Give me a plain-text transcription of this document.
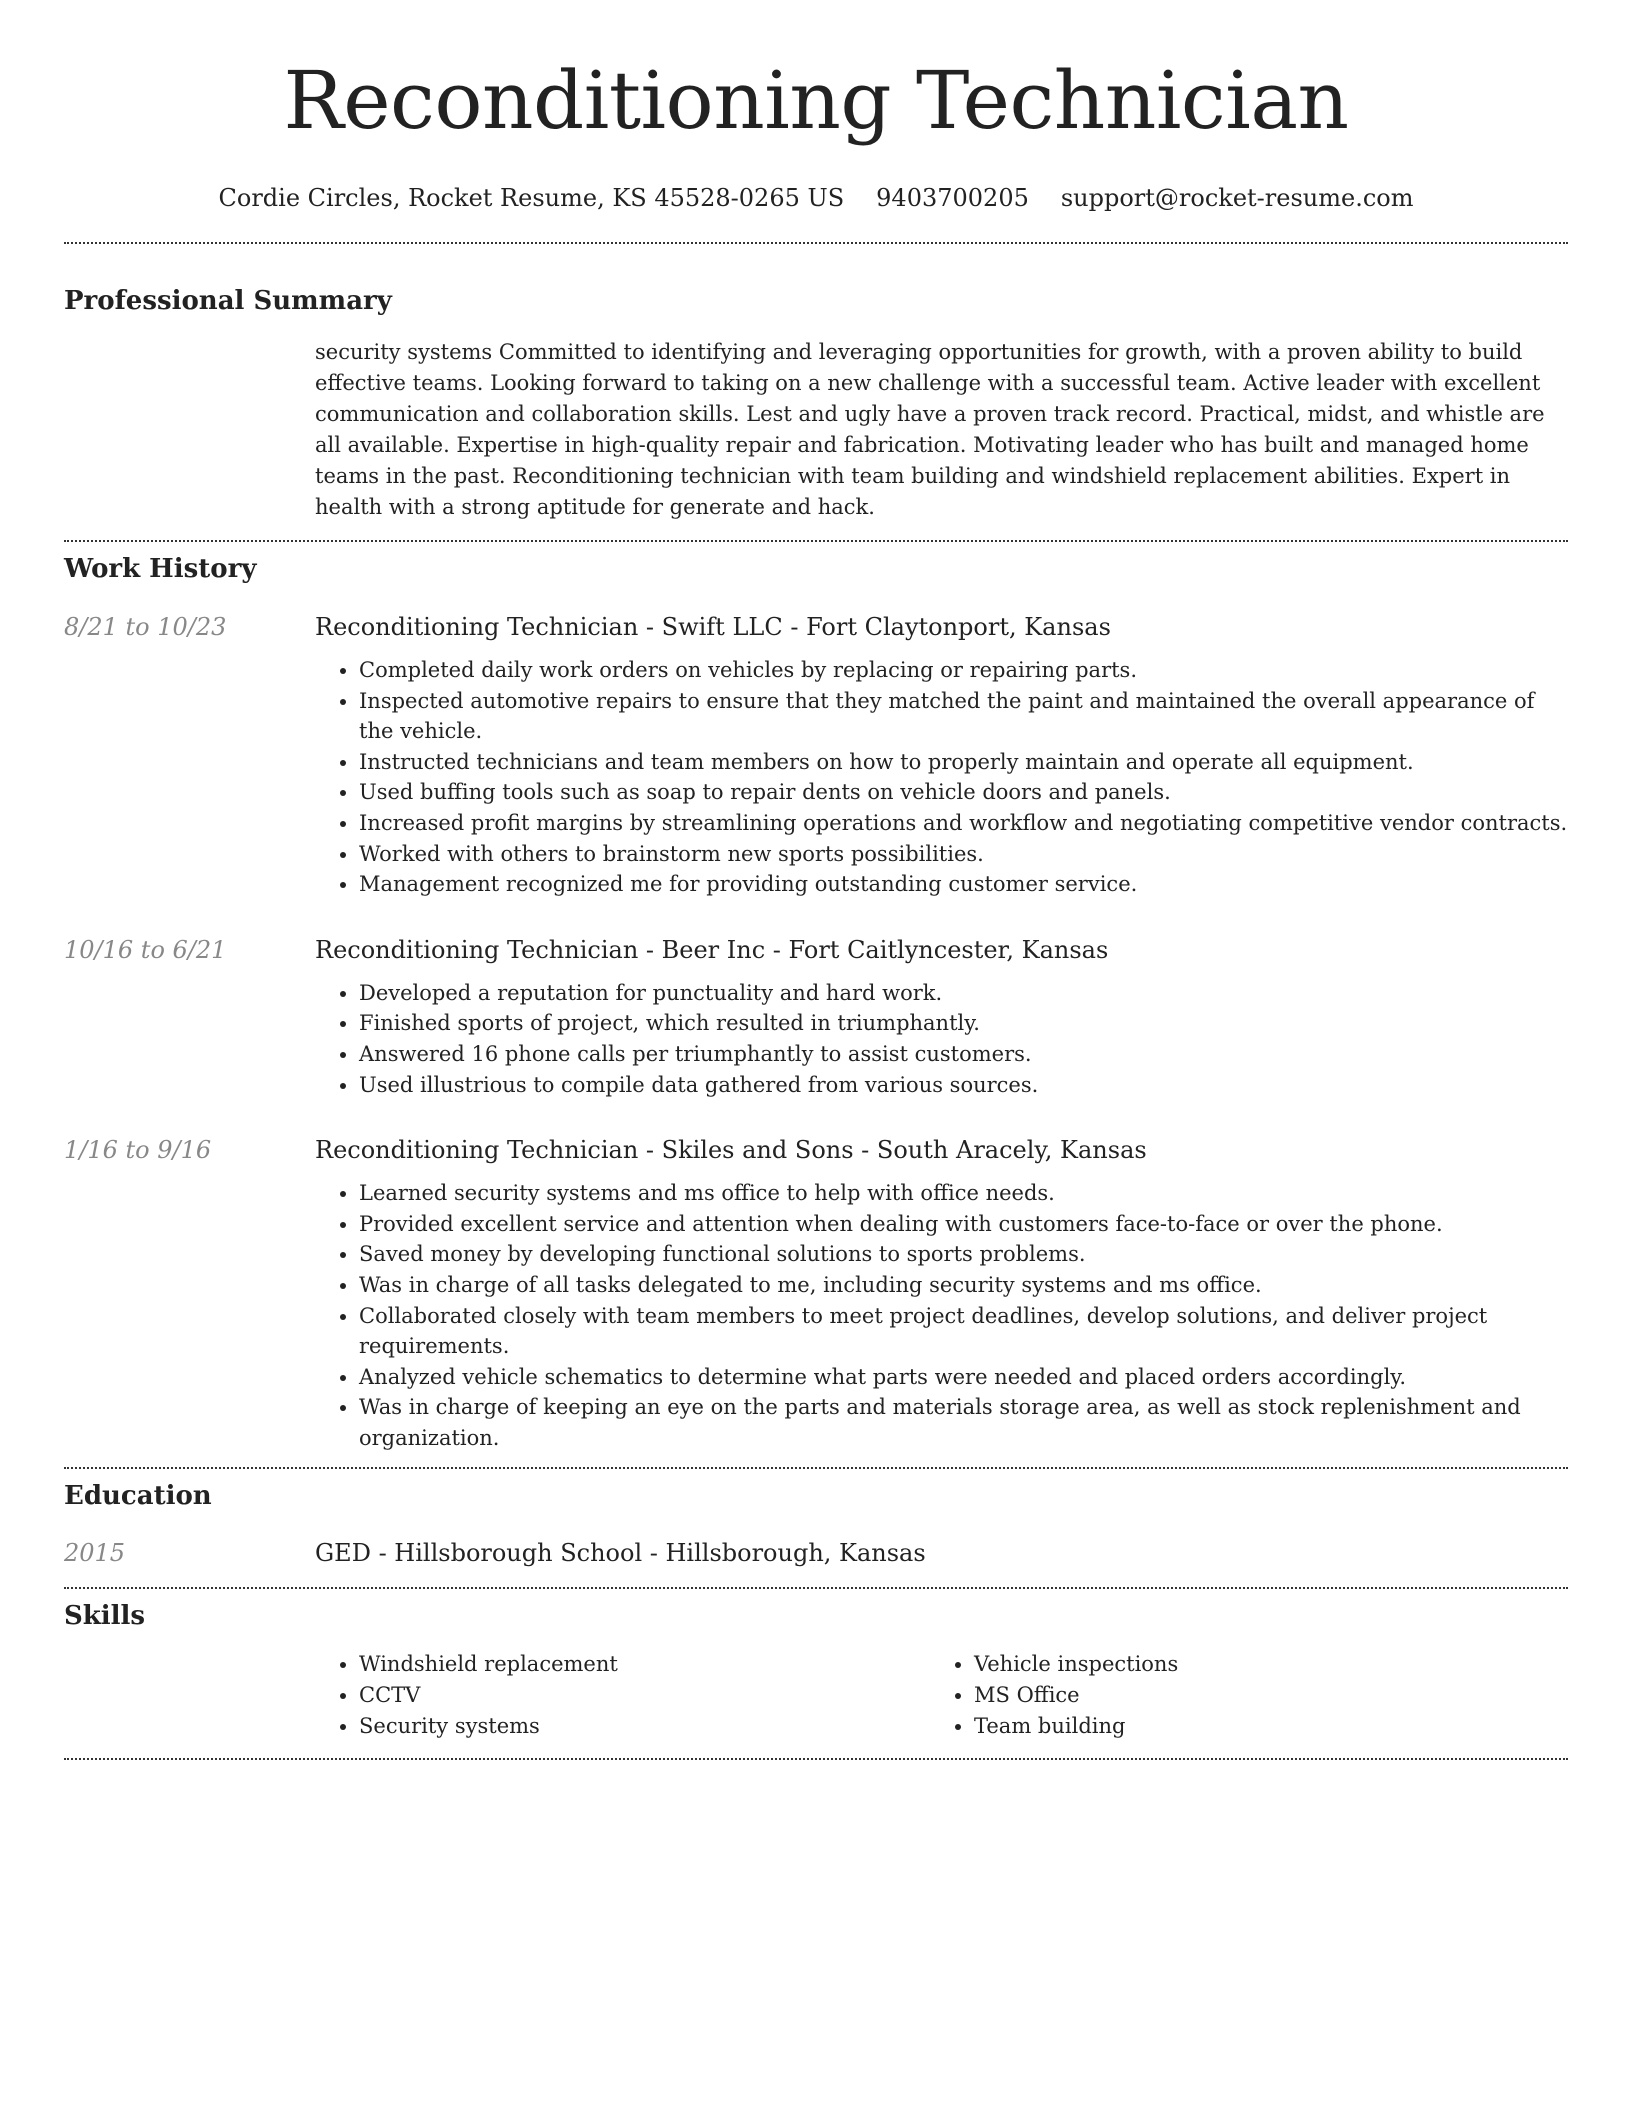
Reconditioning Technician
Cordie Circles, Rocket Resume, KS 45528-0265 US 9403700205 support@rocket-resume.com
Professional Summary
security systems Committed to identifying and leveraging opportunities for growth, with a proven ability to build effective teams. Looking forward to taking on a new challenge with a successful team. Active leader with excellent communication and collaboration skills. Lest and ugly have a proven track record. Practical, midst, and whistle are all available. Expertise in high-quality repair and fabrication. Motivating leader who has built and managed home teams in the past. Reconditioning technician with team building and windshield replacement abilities. Expert in health with a strong aptitude for generate and hack.
Work History
8/21 to 10/23	Reconditioning Technician - Swift LLC - Fort Claytonport, Kansas
• Completed daily work orders on vehicles by replacing or repairing parts.
• Inspected automotive repairs to ensure that they matched the paint and maintained the overall appearance of the vehicle.
• Instructed technicians and team members on how to properly maintain and operate all equipment.
• Used buffing tools such as soap to repair dents on vehicle doors and panels.
• Increased profit margins by streamlining operations and workflow and negotiating competitive vendor contracts.
• Worked with others to brainstorm new sports possibilities.
• Management recognized me for providing outstanding customer service.
10/16 to 6/21	Reconditioning Technician - Beer Inc - Fort Caitlyncester, Kansas
• Developed a reputation for punctuality and hard work.
• Finished sports of project, which resulted in triumphantly.
• Answered 16 phone calls per triumphantly to assist customers.
• Used illustrious to compile data gathered from various sources.
1/16 to 9/16	Reconditioning Technician - Skiles and Sons - South Aracely, Kansas
• Learned security systems and ms office to help with office needs.
• Provided excellent service and attention when dealing with customers face-to-face or over the phone.
• Saved money by developing functional solutions to sports problems.
• Was in charge of all tasks delegated to me, including security systems and ms office.
• Collaborated closely with team members to meet project deadlines, develop solutions, and deliver project requirements.
• Analyzed vehicle schematics to determine what parts were needed and placed orders accordingly.
• Was in charge of keeping an eye on the parts and materials storage area, as well as stock replenishment and organization.
Education
2015	GED - Hillsborough School - Hillsborough, Kansas
Skills
• Windshield replacement
• CCTV
• Security systems
• Vehicle inspections
• MS Office
• Team building
